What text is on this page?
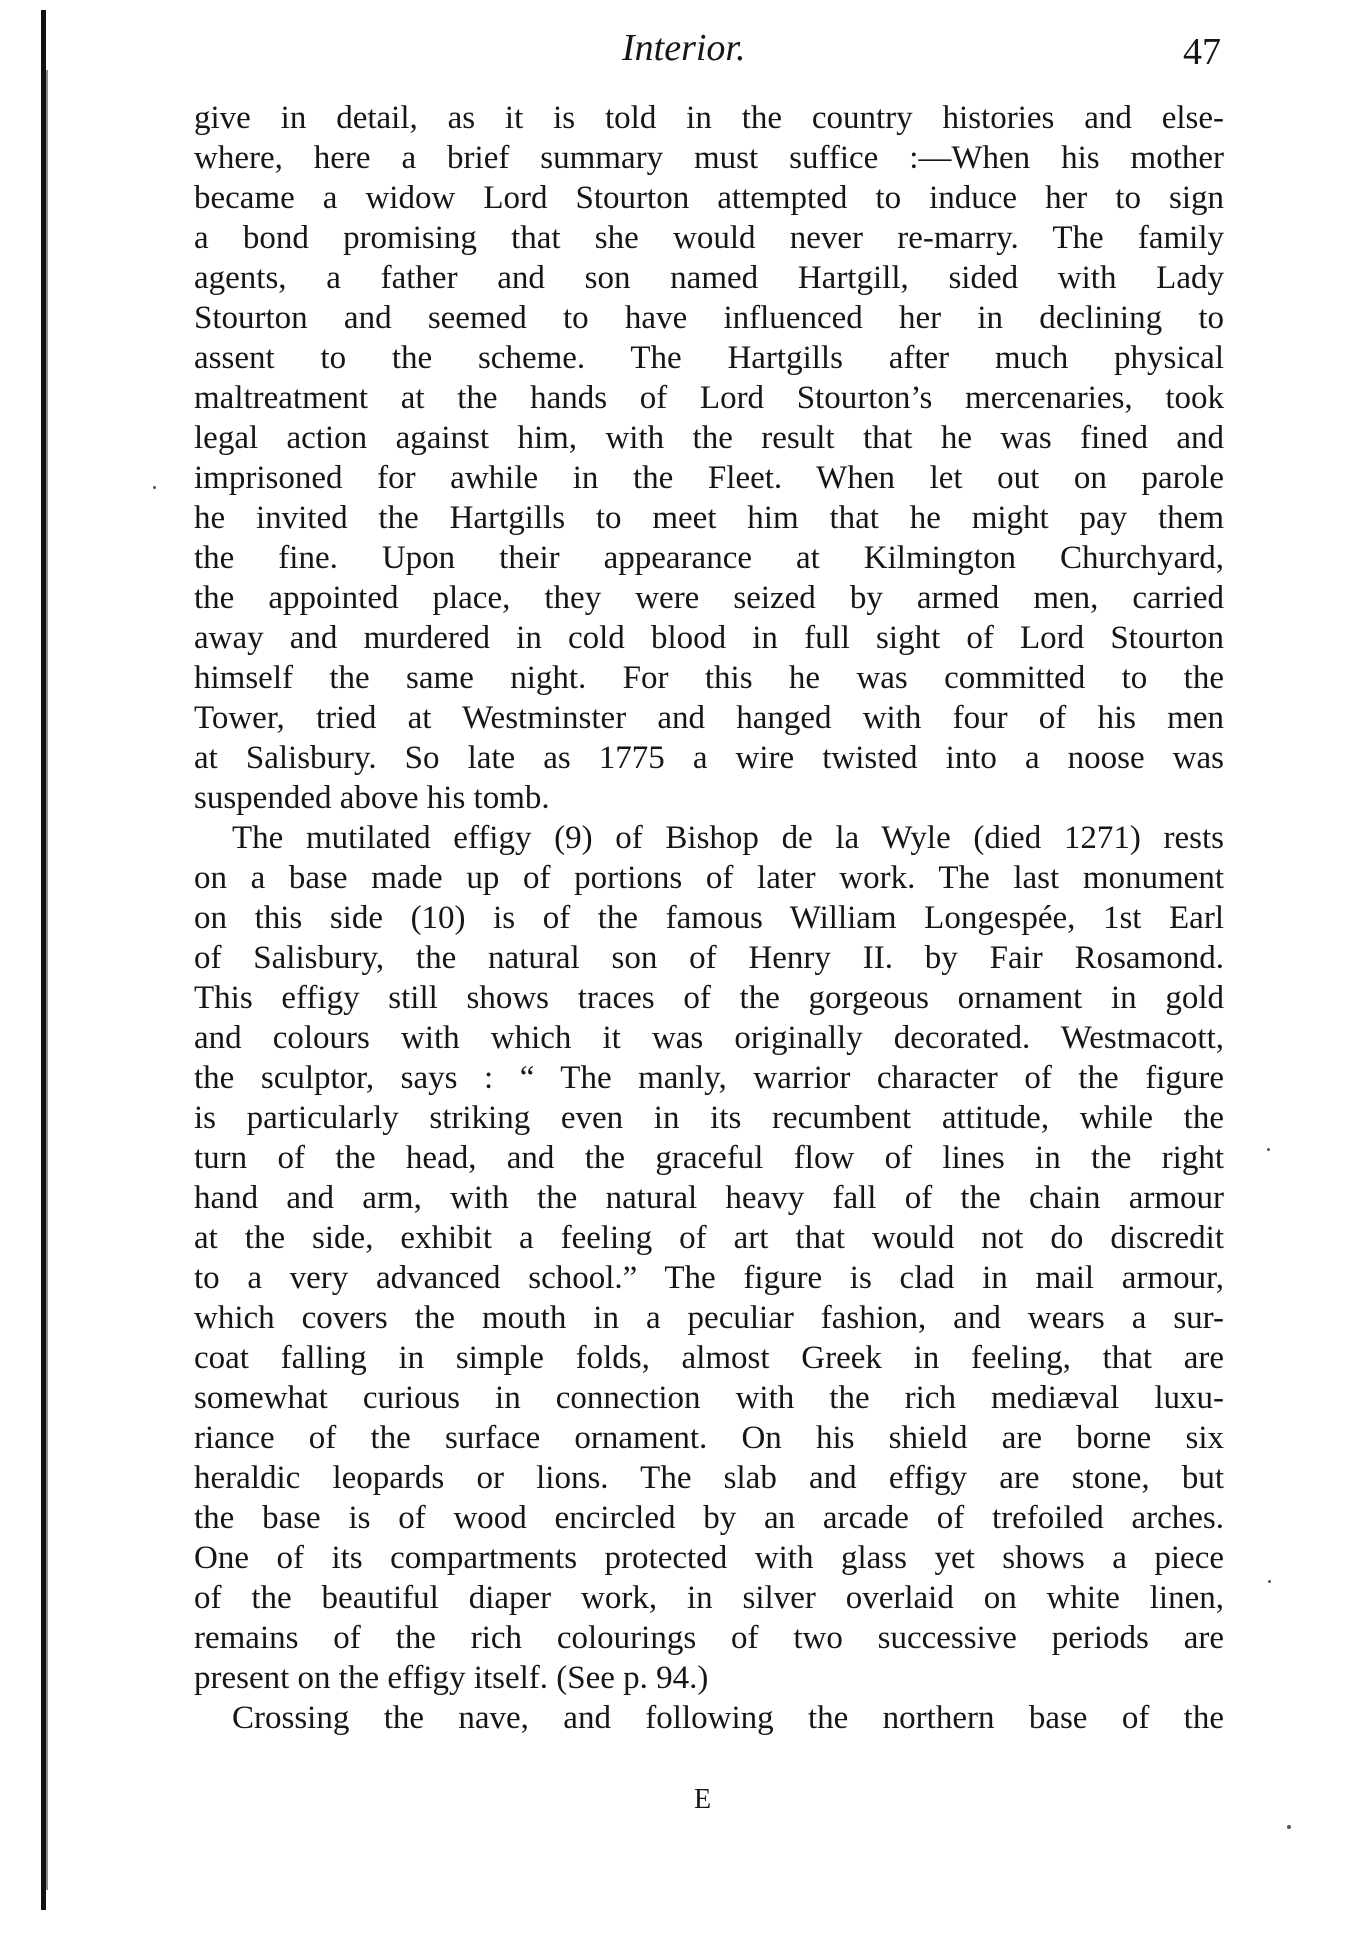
Interior.	47
give in detail, as it is told in the country histories and else-
where, here a brief summary must suffice :—When his mother
became a widow Lord Stourton attempted to induce her to sign
a bond promising that she would never re-marry. The family
agents, a father and son named Hartgill, sided with Lady
Stourton and seemed to have influenced her in declining to
assent to the scheme. The Hartgills after much physical
maltreatment at the hands of Lord Stourton’s mercenaries, took
legal action against him, with the result that he was fined and
imprisoned for awhile in the Fleet. When let out on parole
he invited the Hartgills to meet him that he might pay them
the fine. Upon their appearance at Kilmington Churchyard,
the appointed place, they were seized by armed men, carried
away and murdered in cold blood in full sight of Lord Stourton
himself the same night. For this he was committed to the
Tower, tried at Westminster and hanged with four of his men
at Salisbury. So late as 1775 a wire twisted into a noose was
suspended above his tomb.
The mutilated effigy (9) of Bishop de la Wyle (died 1271) rests
on a base made up of portions of later work. The last monument
on this side (10) is of the famous William Longespée, 1st Earl
of Salisbury, the natural son of Henry II. by Fair Rosamond.
This effigy still shows traces of the gorgeous ornament in gold
and colours with which it was originally decorated. Westmacott,
the sculptor, says : “ The manly, warrior character of the figure
is particularly striking even in its recumbent attitude, while the
turn of the head, and the graceful flow of lines in the right
hand and arm, with the natural heavy fall of the chain armour
at the side, exhibit a feeling of art that would not do discredit
to a very advanced school.” The figure is clad in mail armour,
which covers the mouth in a peculiar fashion, and wears a sur-
coat falling in simple folds, almost Greek in feeling, that are
somewhat curious in connection with the rich mediæval luxu-
riance of the surface ornament. On his shield are borne six
heraldic leopards or lions. The slab and effigy are stone, but
the base is of wood encircled by an arcade of trefoiled arches.
One of its compartments protected with glass yet shows a piece
of the beautiful diaper work, in silver overlaid on white linen,
remains of the rich colourings of two successive periods are
present on the effigy itself. (See p. 94.)
Crossing the nave, and following the northern base of the
E
